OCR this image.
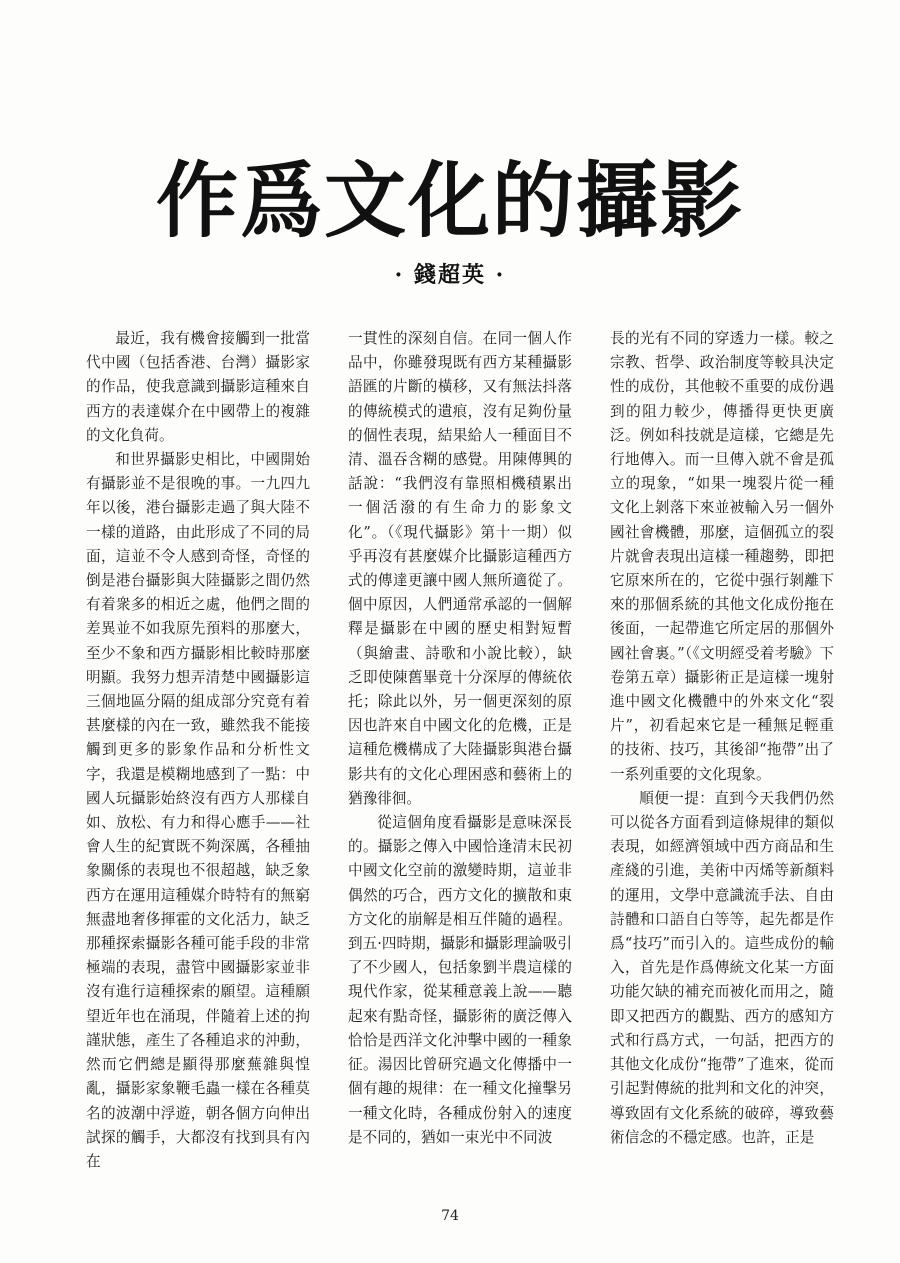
作爲文化的攝影
· 錢超英 ·

最近，我有機會接觸到一批當代中國（包括香港、台灣）攝影家的作品，使我意識到攝影這種來自西方的表達媒介在中國帶上的複雜的文化負荷。

和世界攝影史相比，中國開始有攝影並不是很晚的事。一九四九年以後，港台攝影走過了與大陸不一樣的道路，由此形成了不同的局面，這並不令人感到奇怪，奇怪的倒是港台攝影與大陸攝影之間仍然有着衆多的相近之處，他們之間的差異並不如我原先預料的那麼大，至少不象和西方攝影相比較時那麼明顯。我努力想弄清楚中國攝影這三個地區分隔的組成部分究竟有着甚麼樣的內在一致，雖然我不能接觸到更多的影象作品和分析性文字，我還是模糊地感到了一點：中國人玩攝影始終沒有西方人那樣自如、放松、有力和得心應手——社會人生的紀實既不夠深厲，各種抽象關係的表現也不很超越，缺乏象西方在運用這種媒介時特有的無窮無盡地奢侈揮霍的文化活力，缺乏那種探索攝影各種可能手段的非常極端的表現，盡管中國攝影家並非沒有進行這種探索的願望。這種願望近年也在涌現，伴隨着上述的拘謹狀態，產生了各種追求的沖動，然而它們總是顯得那麼蕪雜與惶亂，攝影家象鞭毛蟲一樣在各種莫名的波潮中浮遊，朝各個方向伸出試探的觸手，大都沒有找到具有內在

一貫性的深刻自信。在同一個人作品中，你雖發現既有西方某種攝影語匯的片斷的橫移，又有無法抖落的傳統模式的遺痕，沒有足夠份量的個性表現，結果給人一種面目不清、溫吞含糊的感覺。用陳傳興的話說：“我們沒有靠照相機積累出一個活潑的有生命力的影象文化”。（《現代攝影》第十一期）似乎再沒有甚麼媒介比攝影這種西方式的傳達更讓中國人無所適從了。個中原因，人們通常承認的一個解釋是攝影在中國的歷史相對短暫（與繪畫、詩歌和小說比較），缺乏即使陳舊畢竟十分深厚的傳統依托；除此以外，另一個更深刻的原因也許來自中國文化的危機，正是這種危機構成了大陸攝影與港台攝影共有的文化心理困惑和藝術上的猶豫徘徊。

從這個角度看攝影是意味深長的。攝影之傳入中國恰逢清末民初中國文化空前的激變時期，這並非偶然的巧合，西方文化的擴散和東方文化的崩解是相互伴隨的過程。到五·四時期，攝影和攝影理論吸引了不少國人，包括象劉半農這樣的現代作家，從某種意義上說——聽起來有點奇怪，攝影術的廣泛傳入恰恰是西洋文化沖擊中國的一種象征。湯因比曾研究過文化傳播中一個有趣的規律：在一種文化撞擊另一種文化時，各種成份射入的速度是不同的，猶如一束光中不同波

長的光有不同的穿透力一樣。較之宗教、哲學、政治制度等較具決定性的成份，其他較不重要的成份遇到的阻力較少，傳播得更快更廣泛。例如科技就是這樣，它總是先行地傳入。而一旦傳入就不會是孤立的現象，“如果一塊裂片從一種文化上剝落下來並被輸入另一個外國社會機體，那麼，這個孤立的裂片就會表現出這樣一種趨勢，即把它原來所在的，它從中强行剝離下來的那個系統的其他文化成份拖在後面，一起帶進它所定居的那個外國社會裏。”（《文明經受着考驗》下卷第五章）攝影術正是這樣一塊射進中國文化機體中的外來文化“裂片”，初看起來它是一種無足輕重的技術、技巧，其後卻“拖帶”出了一系列重要的文化現象。

順便一提：直到今天我們仍然可以從各方面看到這條規律的類似表現，如經濟領域中西方商品和生產綫的引進，美術中丙烯等新顏料的運用，文學中意識流手法、自由詩體和口語自白等等，起先都是作爲“技巧”而引入的。這些成份的輸入，首先是作爲傳統文化某一方面功能欠缺的補充而被化而用之，隨即又把西方的觀點、西方的感知方式和行爲方式，一句話，把西方的其他文化成份“拖帶”了進來，從而引起對傳統的批判和文化的沖突，導致固有文化系統的破碎，導致藝術信念的不穩定感。也許，正是

74
